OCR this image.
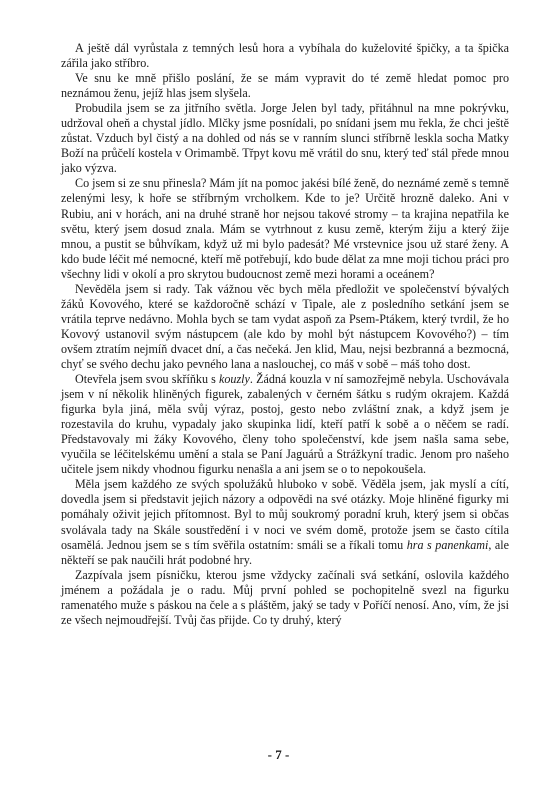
A ještě dál vyrůstala z temných lesů hora a vybíhala do kuželovité špičky, a ta špička zářila jako stříbro.

Ve snu ke mně přišlo poslání, že se mám vypravit do té země hledat pomoc pro neznámou ženu, jejíž hlas jsem slyšela.

Probudila jsem se za jitřního světla. Jorge Jelen byl tady, přitáhnul na mne pokrývku, udržoval oheň a chystal jídlo. Mlčky jsme posnídali, po snídani jsem mu řekla, že chci ještě zůstat. Vzduch byl čistý a na dohled od nás se v ranním slunci stříbrně leskla socha Matky Boží na průčelí kostela v Orimambě. Třpyt kovu mě vrátil do snu, který teď stál přede mnou jako výzva.

Co jsem si ze snu přinesla? Mám jít na pomoc jakési bílé ženě, do neznámé země s temně zelenými lesy, k hoře se stříbrným vrcholkem. Kde to je? Určitě hrozně daleko. Ani v Rubiu, ani v horách, ani na druhé straně hor nejsou takové stromy – ta krajina nepatřila ke světu, který jsem dosud znala. Mám se vytrhnout z kusu země, kterým žiju a který žije mnou, a pustit se bůhvíkam, když už mi bylo padesát? Mé vrstevnice jsou už staré ženy. A kdo bude léčit mé nemocné, kteří mě potřebují, kdo bude dělat za mne moji tichou práci pro všechny lidi v okolí a pro skrytou budoucnost země mezi horami a oceánem?

Nevěděla jsem si rady. Tak vážnou věc bych měla předložit ve společenství bývalých žáků Kovového, které se každoročně schází v Tipale, ale z posledního setkání jsem se vrátila teprve nedávno. Mohla bych se tam vydat aspoň za Psem-Ptákem, který tvrdil, že ho Kovový ustanovil svým nástupcem (ale kdo by mohl být nástupcem Kovového?) – tím ovšem ztratím nejmíň dvacet dní, a čas nečeká. Jen klid, Mau, nejsi bezbranná a bezmocná, chyť se svého dechu jako pevného lana a naslouchej, co máš v sobě – máš toho dost.

Otevřela jsem svou skříňku s kouzly. Žádná kouzla v ní samozřejmě nebyla. Uschovávala jsem v ní několik hliněných figurek, zabalených v černém šátku s rudým okrajem. Každá figurka byla jiná, měla svůj výraz, postoj, gesto nebo zvláštní znak, a když jsem je rozestavila do kruhu, vypadaly jako skupinka lidí, kteří patří k sobě a o něčem se radí. Představovaly mi žáky Kovového, členy toho společenství, kde jsem našla sama sebe, vyučila se léčitelskému umění a stala se Paní Jaguárů a Strážkyní tradic. Jenom pro našeho učitele jsem nikdy vhodnou figurku nenašla a ani jsem se o to nepokoušela.

Měla jsem každého ze svých spolužáků hluboko v sobě. Věděla jsem, jak myslí a cítí, dovedla jsem si představit jejich názory a odpovědi na své otázky. Moje hliněné figurky mi pomáhaly oživit jejich přítomnost. Byl to můj soukromý poradní kruh, který jsem si občas svolávala tady na Skále soustředění i v noci ve svém domě, protože jsem se často cítila osamělá. Jednou jsem se s tím svěřila ostatním: smáli se a říkali tomu hra s panenkami, ale někteří se pak naučili hrát podobné hry.

Zazpívala jsem písničku, kterou jsme vždycky začínali svá setkání, oslovila každého jménem a požádala je o radu. Můj první pohled se pochopitelně svezl na figurku ramenatého muže s páskou na čele a s pláštěm, jaký se tady v Poříčí nenosí. Ano, vím, že jsi ze všech nejmoudřejší. Tvůj čas přijde. Co ty druhý, který

- 7 -
